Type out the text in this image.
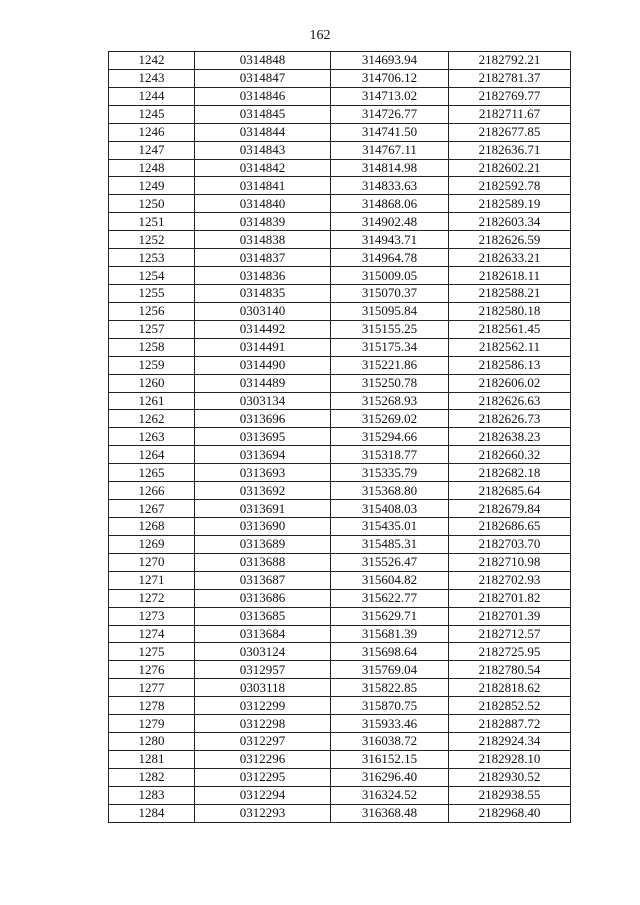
162
1242	0314848	314693.94	2182792.21
1243	0314847	314706.12	2182781.37
1244	0314846	314713.02	2182769.77
1245	0314845	314726.77	2182711.67
1246	0314844	314741.50	2182677.85
1247	0314843	314767.11	2182636.71
1248	0314842	314814.98	2182602.21
1249	0314841	314833.63	2182592.78
1250	0314840	314868.06	2182589.19
1251	0314839	314902.48	2182603.34
1252	0314838	314943.71	2182626.59
1253	0314837	314964.78	2182633.21
1254	0314836	315009.05	2182618.11
1255	0314835	315070.37	2182588.21
1256	0303140	315095.84	2182580.18
1257	0314492	315155.25	2182561.45
1258	0314491	315175.34	2182562.11
1259	0314490	315221.86	2182586.13
1260	0314489	315250.78	2182606.02
1261	0303134	315268.93	2182626.63
1262	0313696	315269.02	2182626.73
1263	0313695	315294.66	2182638.23
1264	0313694	315318.77	2182660.32
1265	0313693	315335.79	2182682.18
1266	0313692	315368.80	2182685.64
1267	0313691	315408.03	2182679.84
1268	0313690	315435.01	2182686.65
1269	0313689	315485.31	2182703.70
1270	0313688	315526.47	2182710.98
1271	0313687	315604.82	2182702.93
1272	0313686	315622.77	2182701.82
1273	0313685	315629.71	2182701.39
1274	0313684	315681.39	2182712.57
1275	0303124	315698.64	2182725.95
1276	0312957	315769.04	2182780.54
1277	0303118	315822.85	2182818.62
1278	0312299	315870.75	2182852.52
1279	0312298	315933.46	2182887.72
1280	0312297	316038.72	2182924.34
1281	0312296	316152.15	2182928.10
1282	0312295	316296.40	2182930.52
1283	0312294	316324.52	2182938.55
1284	0312293	316368.48	2182968.40
